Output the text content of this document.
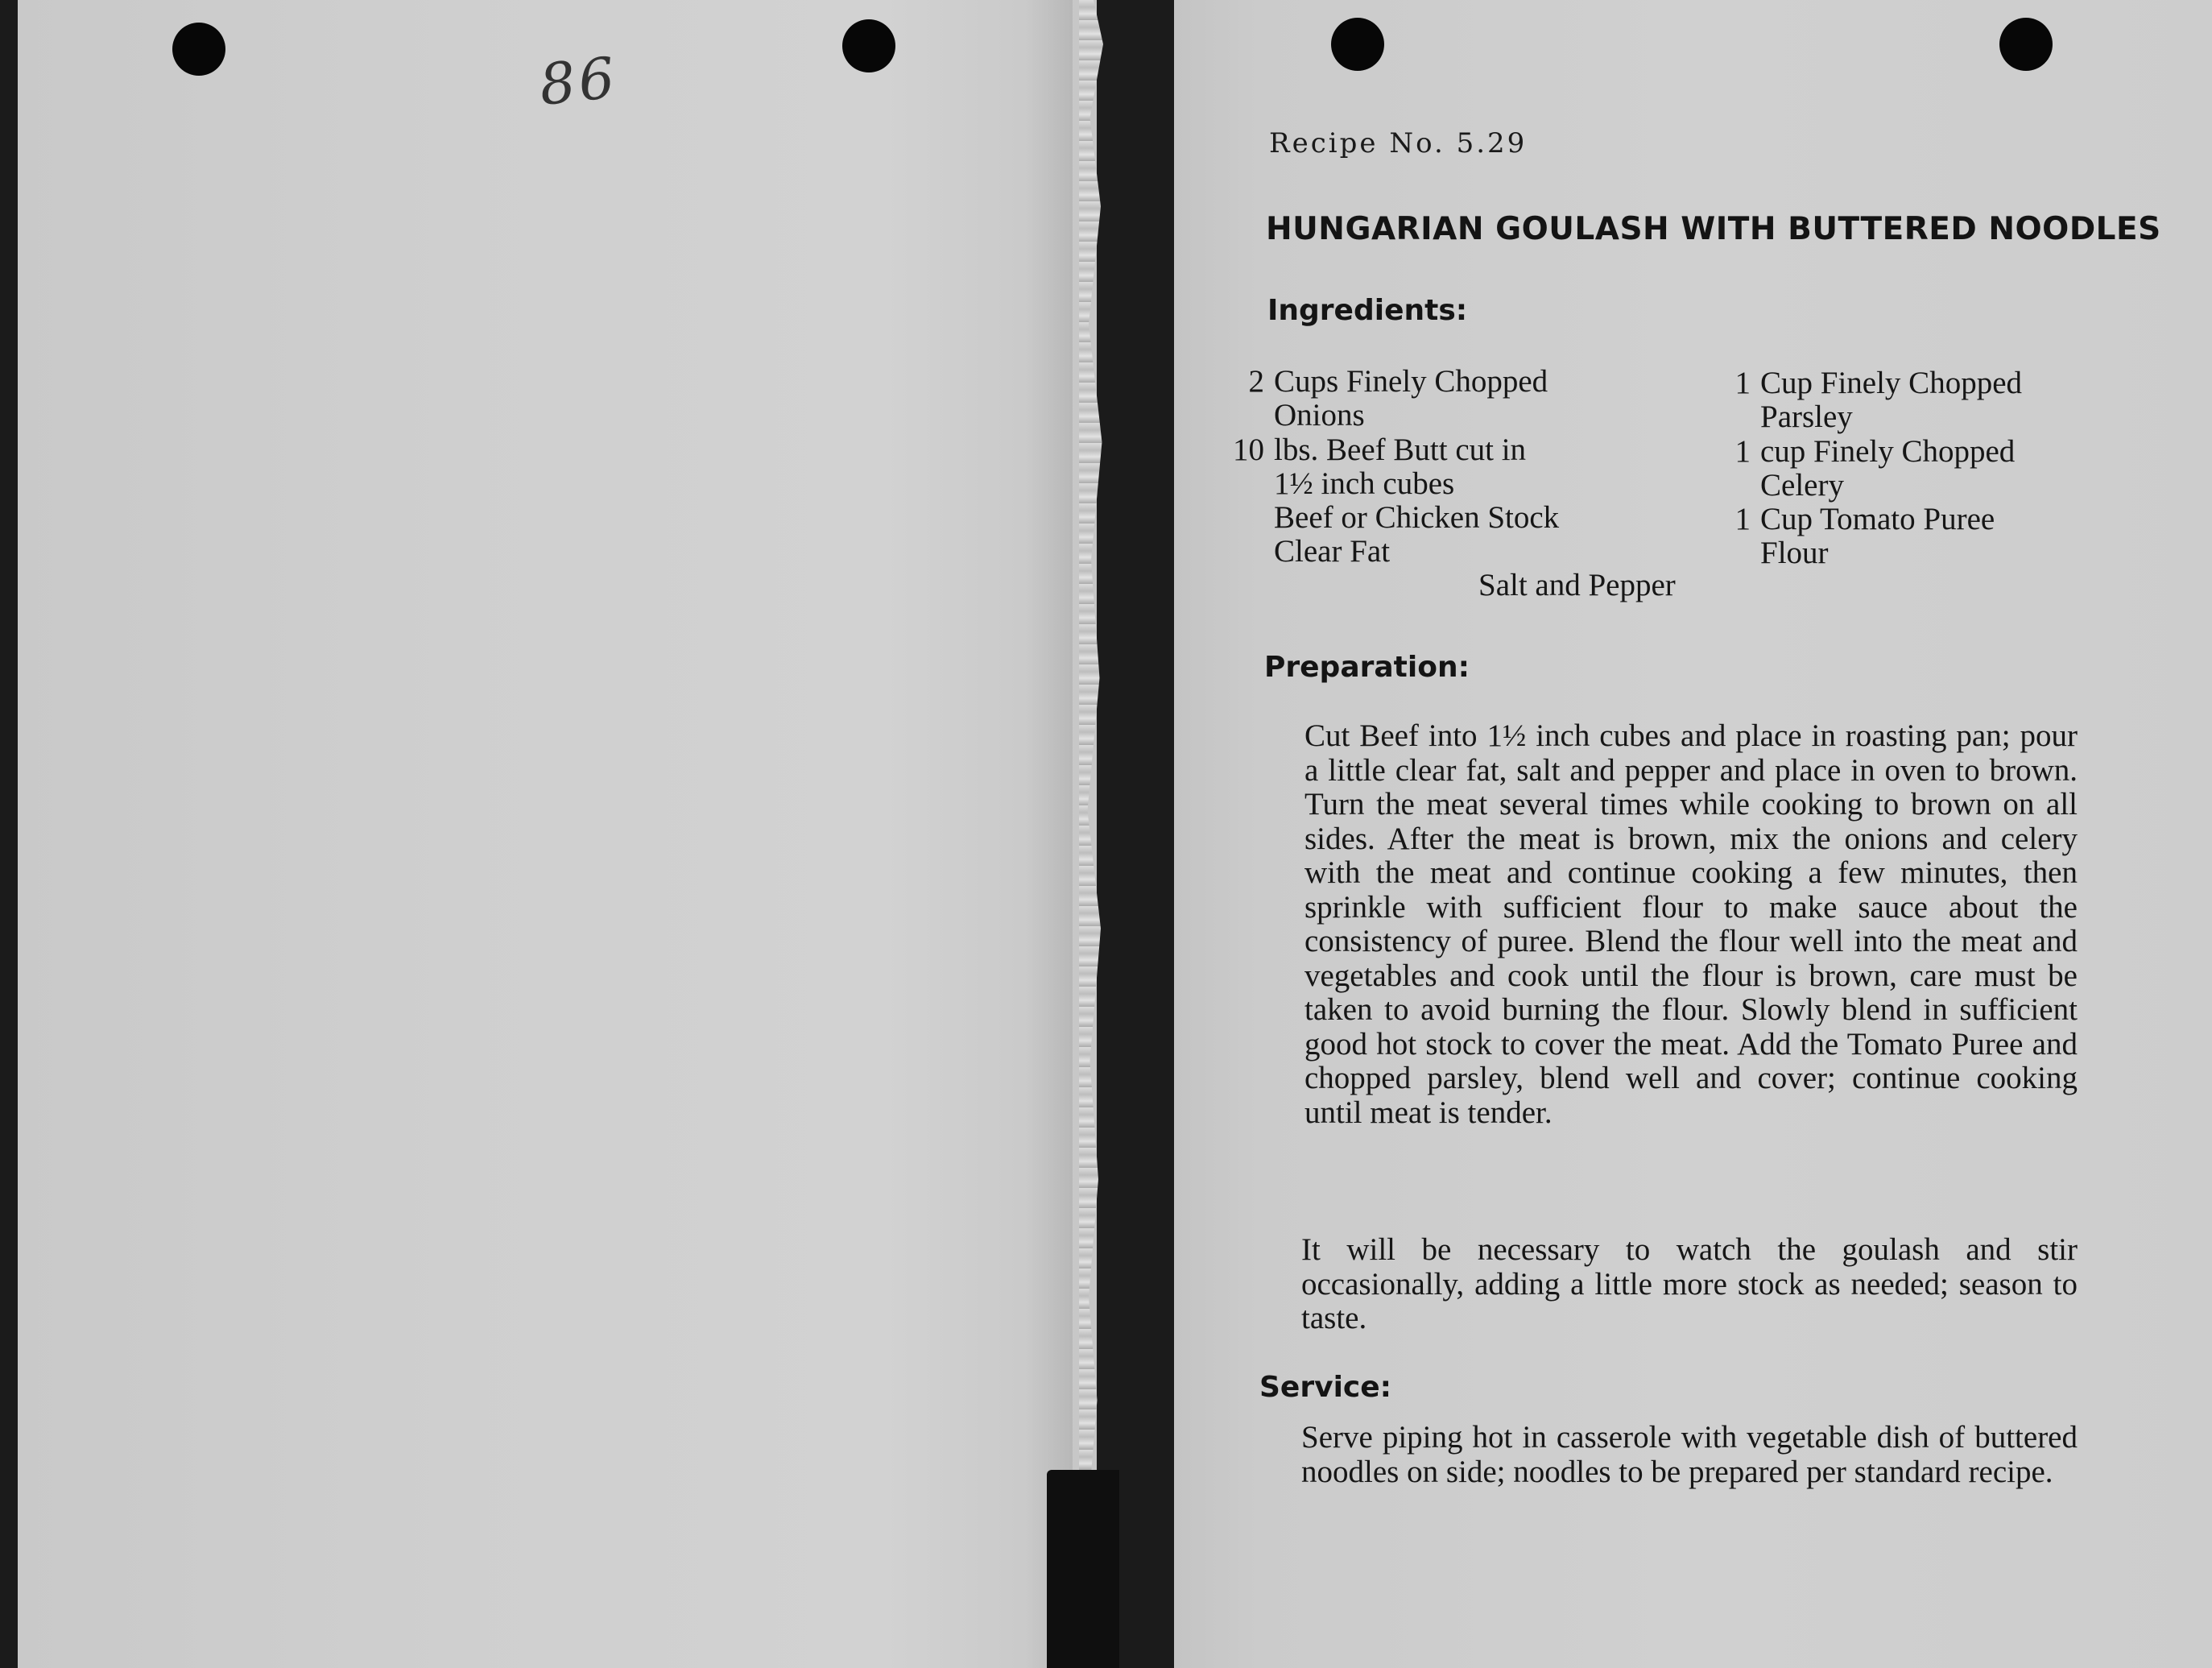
86
Recipe No. 5.29
HUNGARIAN GOULASH WITH BUTTERED NOODLES
Ingredients:
2 Cups Finely Chopped
Onions
10 lbs. Beef Butt cut in
1½ inch cubes
Beef or Chicken Stock
Clear Fat
Salt and Pepper
1 Cup Finely Chopped
Parsley
1 cup Finely Chopped
Celery
1 Cup Tomato Puree
Flour
Preparation:
Cut Beef into 1½ inch cubes and place in roasting pan; pour a little clear fat, salt and pepper and place in oven to brown. Turn the meat several times while cooking to brown on all sides. After the meat is brown, mix the onions and celery with the meat and continue cooking a few minutes, then sprinkle with sufficient flour to make sauce about the consistency of puree. Blend the flour well into the meat and vegetables and cook until the flour is brown, care must be taken to avoid burning the flour. Slowly blend in sufficient good hot stock to cover the meat. Add the Tomato Puree and chopped parsley, blend well and cover; continue cooking until meat is tender.
It will be necessary to watch the goulash and stir occasionally, adding a little more stock as needed; season to taste.
Service:
Serve piping hot in casserole with vegetable dish of buttered noodles on side; noodles to be prepared per standard recipe.
